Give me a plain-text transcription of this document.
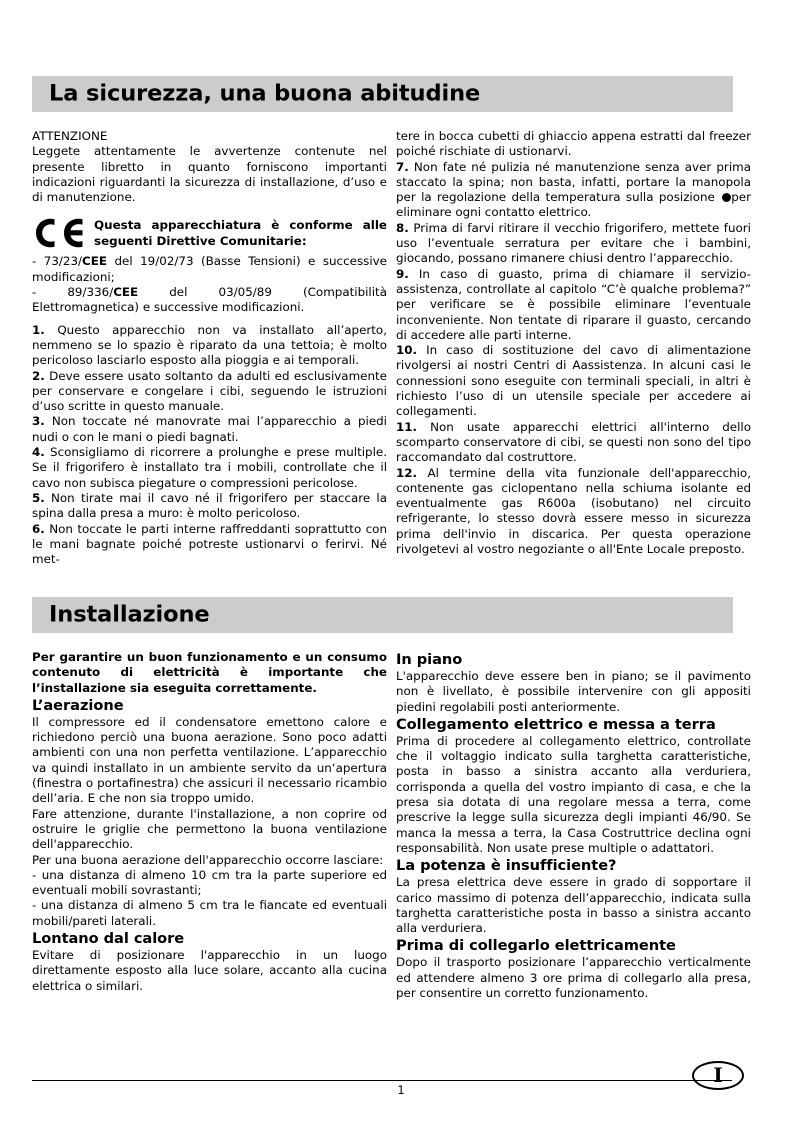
La sicurezza, una buona abitudine

ATTENZIONE

Leggete attentamente le avvertenze contenute nel presente libretto in quanto forniscono importanti indicazioni riguardanti la sicurezza di installazione, d’uso e di manutenzione.

Questa apparecchiatura è conforme alle seguenti Direttive Comunitarie:

- 73/23/CEE del 19/02/73 (Basse Tensioni) e successive modificazioni;

- 89/336/CEE del 03/05/89 (Compatibilità Elettromagnetica) e successive modificazioni.

1. Questo apparecchio non va installato all’aperto, nemmeno se lo spazio è riparato da una tettoia; è molto pericoloso lasciarlo esposto alla pioggia e ai temporali.

2. Deve essere usato soltanto da adulti ed esclusivamente per conservare e congelare i cibi, seguendo le istruzioni d’uso scritte in questo manuale.

3. Non toccate né manovrate mai l’apparecchio a piedi nudi o con le mani o piedi bagnati.

4. Sconsigliamo di ricorrere a prolunghe e prese multiple. Se il frigorifero è installato tra i mobili, controllate che il cavo non subisca piegature o compressioni pericolose.

5. Non tirate mai il cavo né il frigorifero per staccare la spina dalla presa a muro: è molto pericoloso.

6. Non toccate le parti interne raffreddanti soprattutto con le mani bagnate poiché potreste ustionarvi o ferirvi. Né met-

tere in bocca cubetti di ghiaccio appena estratti dal freezer poiché rischiate di ustionarvi.

7. Non fate né pulizia né manutenzione senza aver prima staccato la spina; non basta, infatti, portare la manopola per la regolazione della temperatura sulla posizione per eliminare ogni contatto elettrico.

8. Prima di farvi ritirare il vecchio frigorifero, mettete fuori uso l’eventuale serratura per evitare che i bambini, giocando, possano rimanere chiusi dentro l’apparecchio.

9. In caso di guasto, prima di chiamare il servizio-assistenza, controllate al capitolo “C’è qualche problema?” per verificare se è possibile eliminare l’eventuale inconveniente. Non tentate di riparare il guasto, cercando di accedere alle parti interne.

10. In caso di sostituzione del cavo di alimentazione rivolgersi ai nostri Centri di Aassistenza. In alcuni casi le connessioni sono eseguite con terminali speciali, in altri è richiesto l’uso di un utensile speciale per accedere ai collegamenti.

11. Non usate apparecchi elettrici all'interno dello scomparto conservatore di cibi, se questi non sono del tipo raccomandato dal costruttore.

12. Al termine della vita funzionale dell'apparecchio, contenente gas ciclopentano nella schiuma isolante ed eventualmente gas R600a (isobutano) nel circuito refrigerante, lo stesso dovrà essere messo in sicurezza prima dell'invio in discarica. Per questa operazione rivolgetevi al vostro negoziante o all'Ente Locale preposto.

Installazione

Per garantire un buon funzionamento e un consumo contenuto di elettricità è importante che l’installazione sia eseguita correttamente.

L’aerazione

Il compressore ed il condensatore emettono calore e richiedono perciò una buona aerazione. Sono poco adatti ambienti con una non perfetta ventilazione. L’apparecchio va quindi installato in un ambiente servito da un‘apertura (finestra o portafinestra) che assicuri il necessario ricambio dell’aria. E che non sia troppo umido.

Fare attenzione, durante l'installazione, a non coprire od ostruire le griglie che permettono la buona ventilazione dell'apparecchio.

Per una buona aerazione dell'apparecchio occorre lasciare:

- una distanza di almeno 10 cm tra la parte superiore ed eventuali mobili sovrastanti;

- una distanza di almeno 5 cm tra le fiancate ed eventuali mobili/pareti laterali.

Lontano dal calore

Evitare di posizionare l'apparecchio in un luogo direttamente esposto alla luce solare, accanto alla cucina elettrica o similari.

In piano

L'apparecchio deve essere ben in piano; se il pavimento non è livellato, è possibile intervenire con gli appositi piedini regolabili posti anteriormente.

Collegamento elettrico e messa a terra

Prima di procedere al collegamento elettrico, controllate che il voltaggio indicato sulla targhetta caratteristiche, posta in basso a sinistra accanto alla verduriera, corrisponda a quella del vostro impianto di casa, e che la presa sia dotata di una regolare messa a terra, come prescrive la legge sulla sicurezza degli impianti 46/90. Se manca la messa a terra, la Casa Costruttrice declina ogni responsabilità. Non usate prese multiple o adattatori.

La potenza è insufficiente?

La presa elettrica deve essere in grado di sopportare il carico massimo di potenza dell’apparecchio, indicata sulla targhetta caratteristiche posta in basso a sinistra accanto alla verduriera.

Prima di collegarlo elettricamente

Dopo il trasporto posizionare l’apparecchio verticalmente ed attendere almeno 3 ore prima di collegarlo alla presa, per consentire un corretto funzionamento.

1
I
